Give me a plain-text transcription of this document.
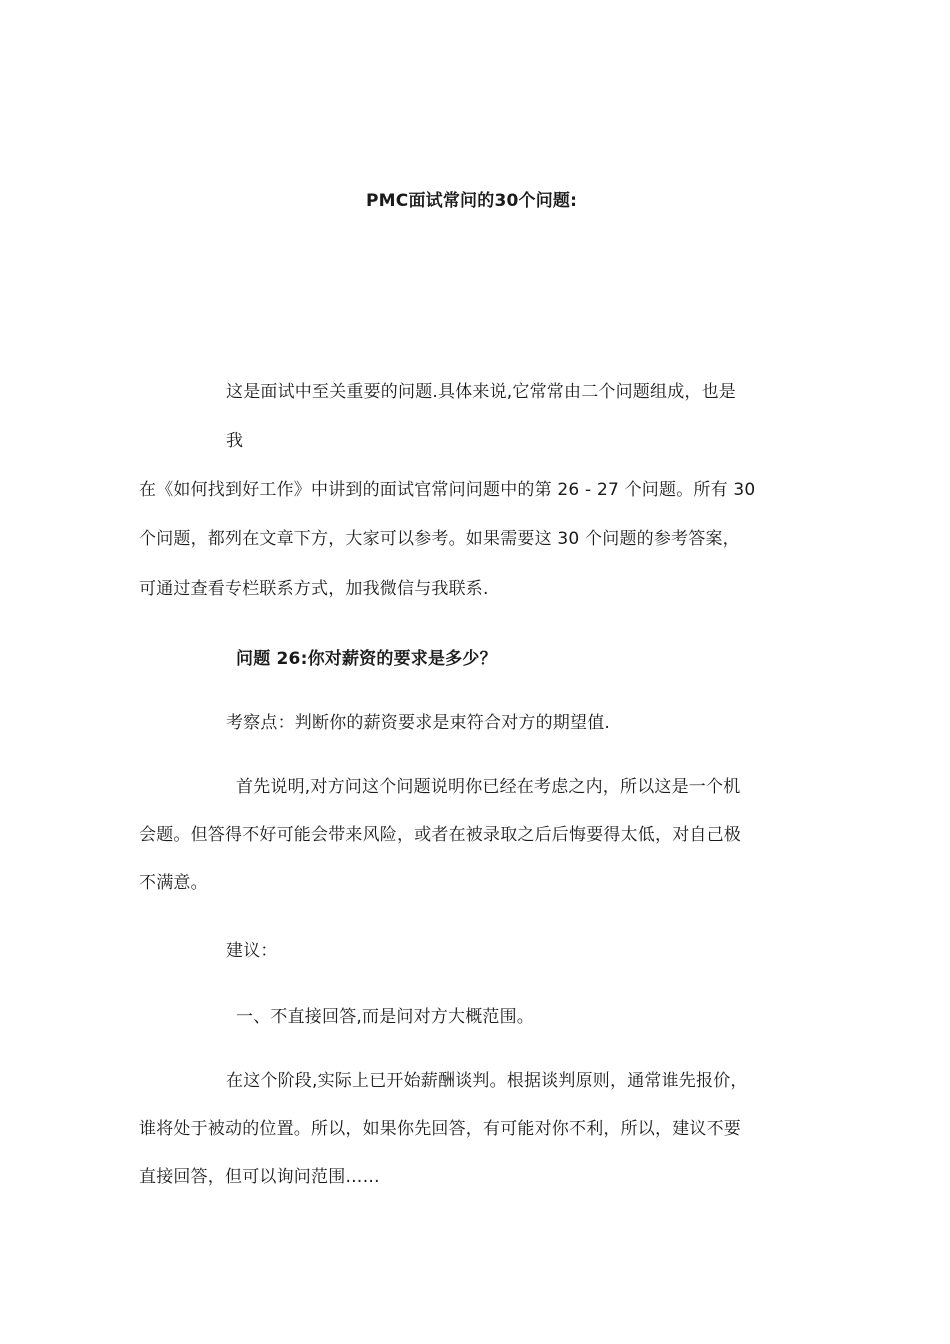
PMC面试常问的30个问题:
这是面试中至关重要的问题.具体来说,它常常由二个问题组成，也是
我
在《如何找到好工作》中讲到的面试官常问问题中的第 26 - 27 个问题。所有 30
个问题，都列在文章下方，大家可以参考。如果需要这 30 个问题的参考答案，
可通过查看专栏联系方式，加我微信与我联系.
问题 26:你对薪资的要求是多少？
考察点：判断你的薪资要求是束符合对方的期望值.
首先说明,对方问这个问题说明你已经在考虑之内，所以这是一个机
会题。但答得不好可能会带来风险，或者在被录取之后后悔要得太低，对自己极
不满意。
建议：
一、不直接回答,而是问对方大概范围。
在这个阶段,实际上已开始薪酬谈判。根据谈判原则，通常谁先报价，
谁将处于被动的位置。所以，如果你先回答，有可能对你不利，所以，建议不要
直接回答，但可以询问范围……
